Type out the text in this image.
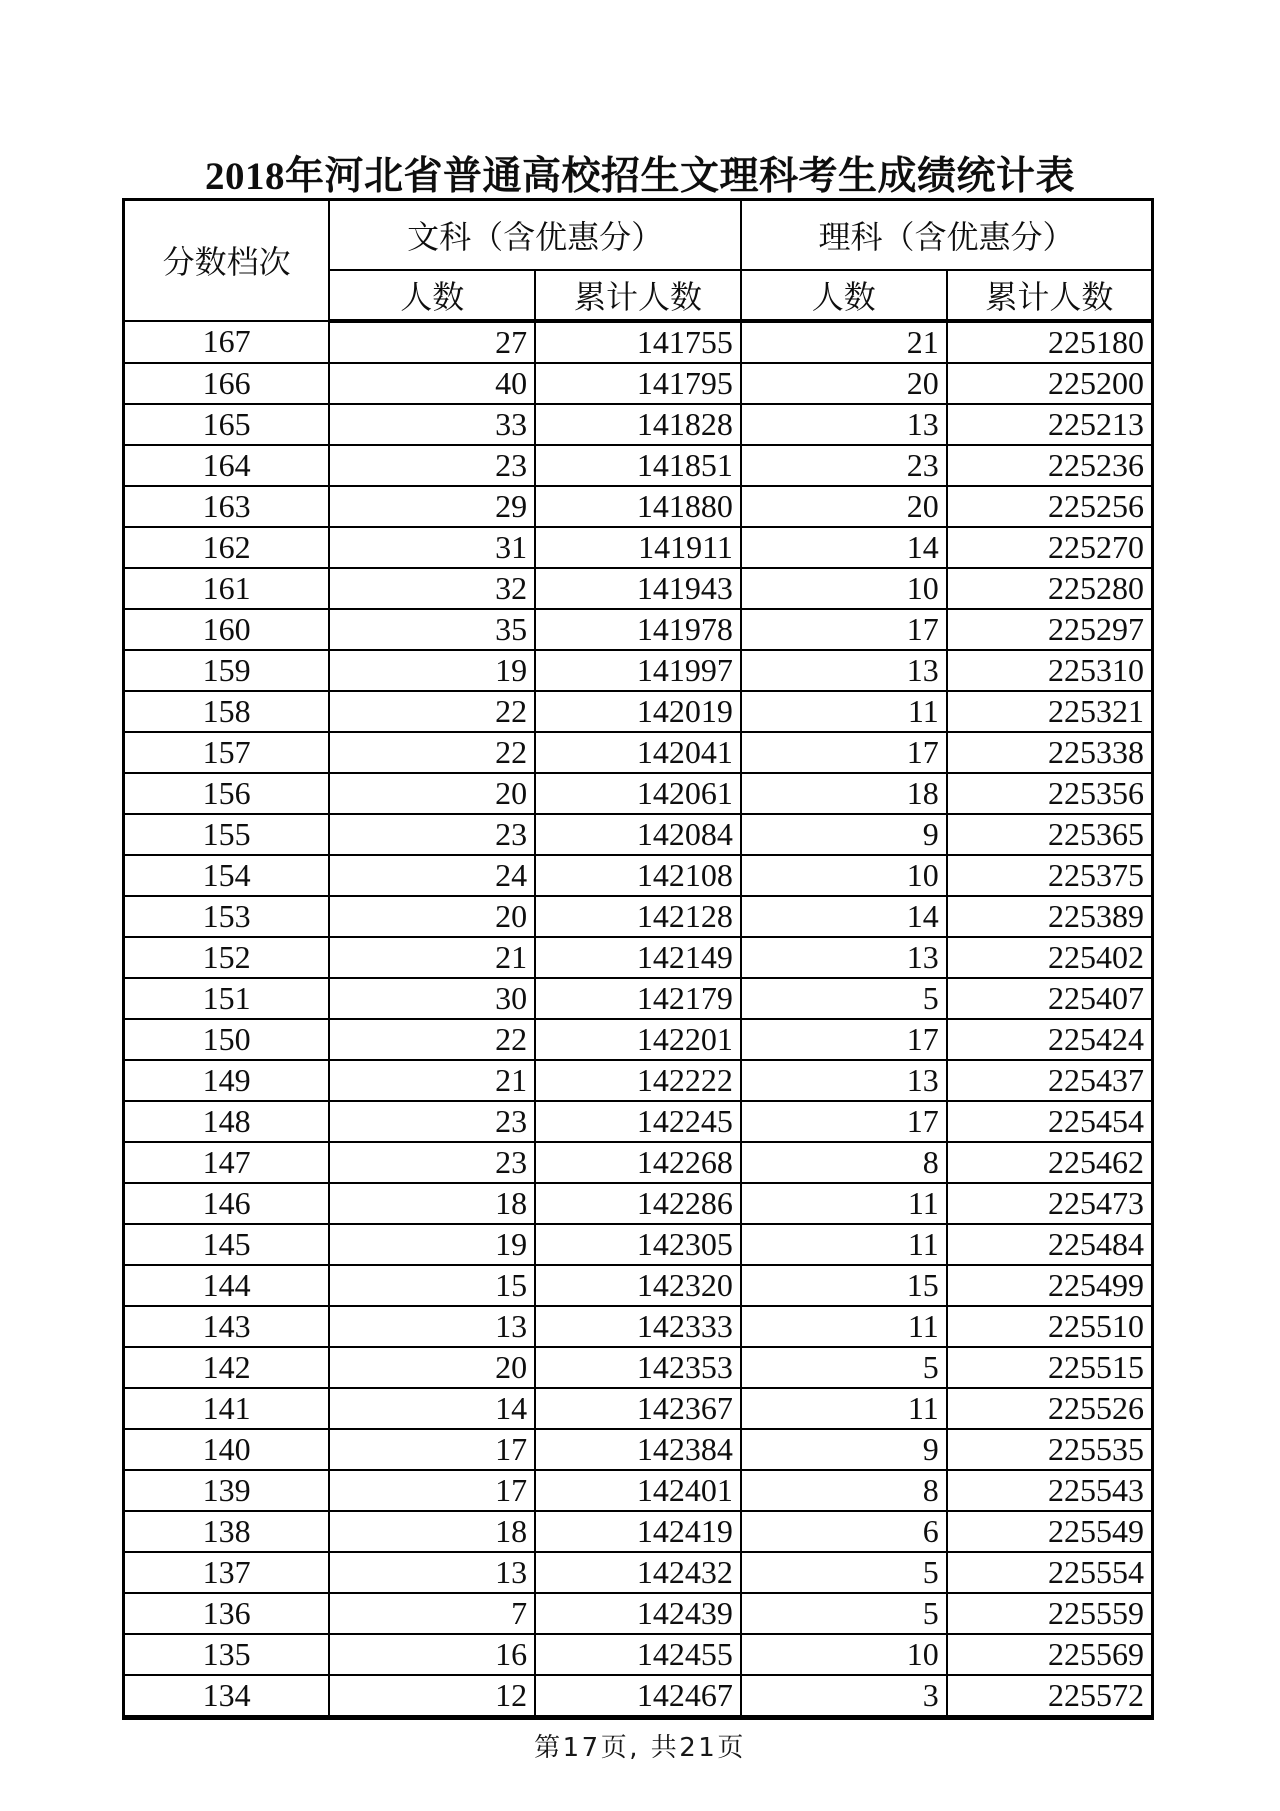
2018年河北省普通高校招生文理科考生成绩统计表
分数档次	文科（含优惠分）		理科（含优惠分）	
	人数	累计人数	人数	累计人数
167	27	141755	21	225180
166	40	141795	20	225200
165	33	141828	13	225213
164	23	141851	23	225236
163	29	141880	20	225256
162	31	141911	14	225270
161	32	141943	10	225280
160	35	141978	17	225297
159	19	141997	13	225310
158	22	142019	11	225321
157	22	142041	17	225338
156	20	142061	18	225356
155	23	142084	9	225365
154	24	142108	10	225375
153	20	142128	14	225389
152	21	142149	13	225402
151	30	142179	5	225407
150	22	142201	17	225424
149	21	142222	13	225437
148	23	142245	17	225454
147	23	142268	8	225462
146	18	142286	11	225473
145	19	142305	11	225484
144	15	142320	15	225499
143	13	142333	11	225510
142	20	142353	5	225515
141	14	142367	11	225526
140	17	142384	9	225535
139	17	142401	8	225543
138	18	142419	6	225549
137	13	142432	5	225554
136	7	142439	5	225559
135	16	142455	10	225569
134	12	142467	3	225572
第17页, 共21页
